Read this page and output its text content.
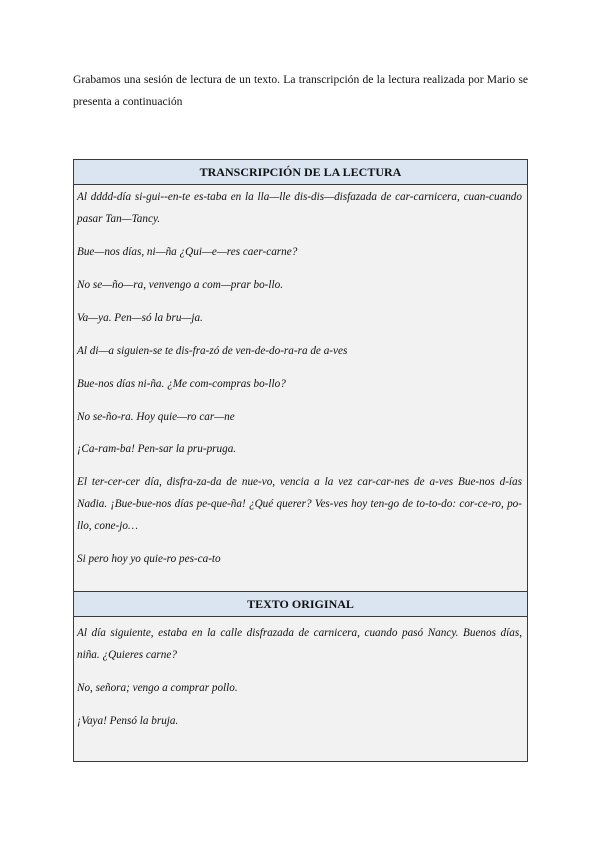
Grabamos una sesión de lectura de un texto. La transcripción de la lectura realizada por Mario se presenta a continuación

TRANSCRIPCIÓN DE LA LECTURA

Al dddd-día si-gui--en-te es-taba en la lla—lle dis-dis—disfazada de car-carnicera, cuan-cuando pasar Tan—Tancy.

Bue—nos días, ni—ña ¿Qui—e—res caer-carne?

No se—ño—ra, venvengo a com—prar bo-llo.

Va—ya. Pen—só la bru—ja.

Al di—a siguien-se te dis-fra-zó de ven-de-do-ra-ra de a-ves

Bue-nos días ni-ña. ¿Me com-compras bo-llo?

No se-ño-ra. Hoy quie—ro car—ne

¡Ca-ram-ba! Pen-sar la pru-pruga.

El ter-cer-cer día, disfra-za-da de nue-vo, vencia a la vez car-car-nes de a-ves Bue-nos d-ías Nadia. ¡Bue-bue-nos días pe-que-ña! ¿Qué querer? Ves-ves hoy ten-go de to-to-do: cor-ce-ro, po-llo, cone-jo…

Si pero hoy yo quie-ro pes-ca-to

TEXTO ORIGINAL

Al día siguiente, estaba en la calle disfrazada de carnicera, cuando pasó Nancy. Buenos días, niña. ¿Quieres carne?

No, señora; vengo a comprar pollo.

¡Vaya! Pensó la bruja.
